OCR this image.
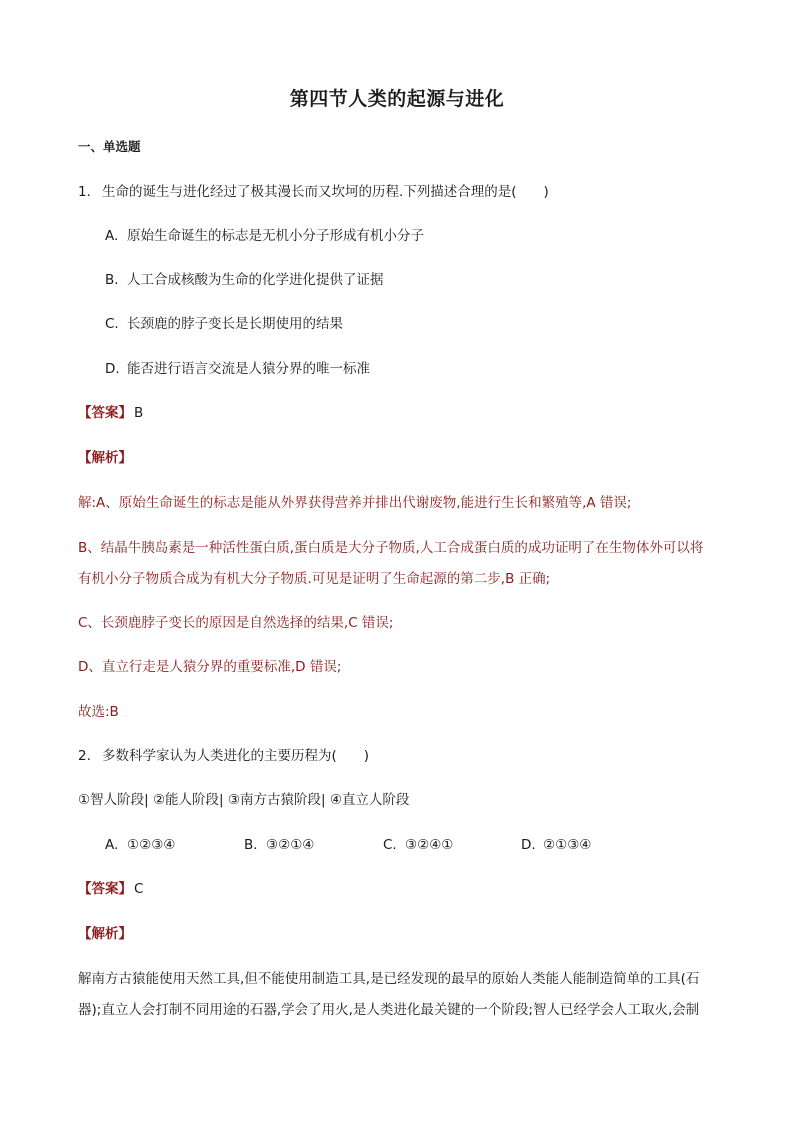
第四节人类的起源与进化
一、单选题
1. 生命的诞生与进化经过了极其漫长而又坎坷的历程.下列描述合理的是(　　)
A. 原始生命诞生的标志是无机小分子形成有机小分子
B. 人工合成核酸为生命的化学进化提供了证据
C. 长颈鹿的脖子变长是长期使用的结果
D. 能否进行语言交流是人猿分界的唯一标准
【答案】 B
【解析】
解:A、原始生命诞生的标志是能从外界获得营养并排出代谢废物,能进行生长和繁殖等,A 错误;
B、结晶牛胰岛素是一种活性蛋白质,蛋白质是大分子物质,人工合成蛋白质的成功证明了在生物体外可以将
有机小分子物质合成为有机大分子物质.可见是证明了生命起源的第二步,B 正确;
C、长颈鹿脖子变长的原因是自然选择的结果,C 错误;
D、直立行走是人猿分界的重要标准,D 错误;
故选:B
2. 多数科学家认为人类进化的主要历程为(　　)
①智人阶段| ②能人阶段| ③南方古猿阶段| ④直立人阶段
A. ①②③④	B. ③②①④	C. ③②④①	D. ②①③④
【答案】 C
【解析】
解南方古猿能使用天然工具,但不能使用制造工具,是已经发现的最早的原始人类能人能制造简单的工具(石
器);直立人会打制不同用途的石器,学会了用火,是人类进化最关键的一个阶段;智人已经学会人工取火,会制
